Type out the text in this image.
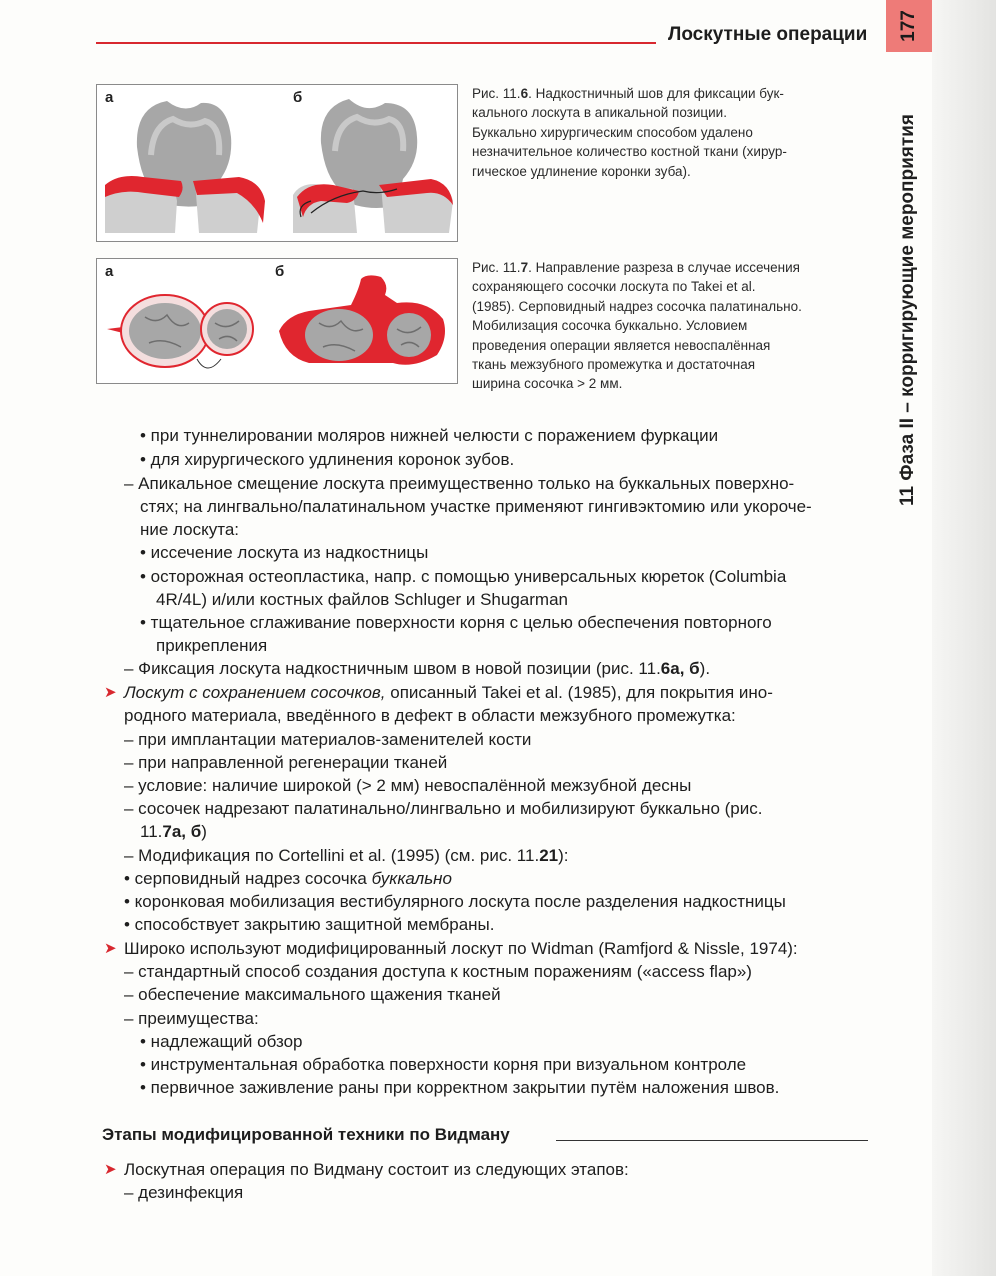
Лоскутные операции 177
11 Фаза II – корригирующие мероприятия
а	б	Рис. 11.6. Надкостничный шов для фиксации бук-
кального лоскута в апикальной позиции.
Буккально хирургическим способом удалено
незначительное количество костной ткани (хирур-
гическое удлинение коронки зуба).
а	б	Рис. 11.7. Направление разреза в случае иссечения
сохраняющего сосочки лоскута по Takei et al.
(1985). Серповидный надрез сосочка палатинально.
Мобилизация сосочка буккально. Условием
проведения операции является невоспалённая
ткань межзубного промежутка и достаточная
ширина сосочка > 2 мм.
• при туннелировании моляров нижней челюсти с поражением фуркации
• для хирургического удлинения коронок зубов.
– Апикальное смещение лоскута преимущественно только на буккальных поверхно-
стях; на лингвально/палатинальном участке применяют гингивэктомию или укороче-
ние лоскута:
• иссечение лоскута из надкостницы
• осторожная остеопластика, напр. с помощью универсальных кюреток (Columbia
4R/4L) и/или костных файлов Schluger и Shugarman
• тщательное сглаживание поверхности корня с целью обеспечения повторного
прикрепления
– Фиксация лоскута надкостничным швом в новой позиции (рис. 11.6а, б).
➤ Лоскут с сохранением сосочков, описанный Takei et al. (1985), для покрытия ино-
родного материала, введённого в дефект в области межзубного промежутка:
– при имплантации материалов-заменителей кости
– при направленной регенерации тканей
– условие: наличие широкой (> 2 мм) невоспалённой межзубной десны
– сосочек надрезают палатинально/лингвально и мобилизируют буккально (рис.
11.7а, б)
– Модификация по Cortellini et al. (1995) (см. рис. 11.21):
• серповидный надрез сосочка буккально
• коронковая мобилизация вестибулярного лоскута после разделения надкостницы
• способствует закрытию защитной мембраны.
➤ Широко используют модифицированный лоскут по Widman (Ramfjord & Nissle, 1974):
– стандартный способ создания доступа к костным поражениям («access flap»)
– обеспечение максимального щажения тканей
– преимущества:
• надлежащий обзор
• инструментальная обработка поверхности корня при визуальном контроле
• первичное заживление раны при корректном закрытии путём наложения швов.
Этапы модифицированной техники по Видману
➤ Лоскутная операция по Видману состоит из следующих этапов:
– дезинфекция
